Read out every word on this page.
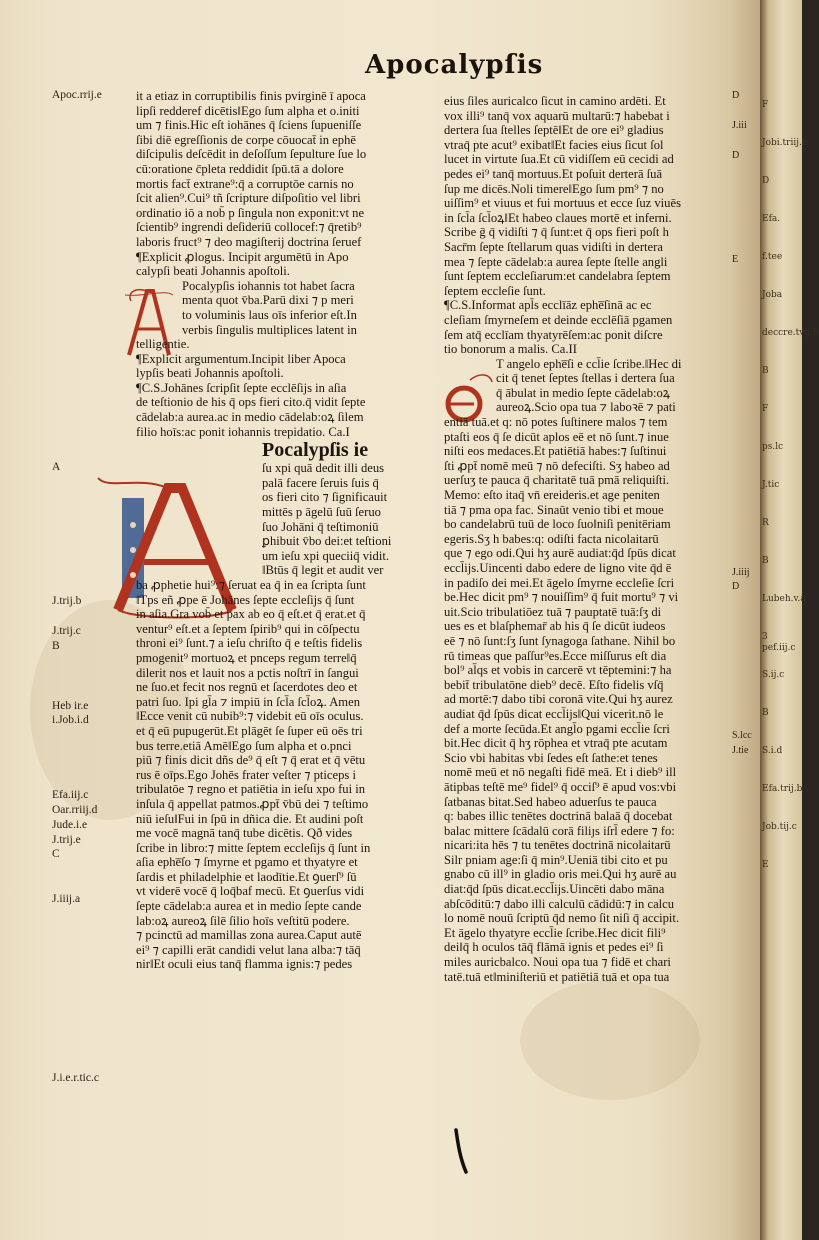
Apocalypſis
Apoc.rrij.e
A
J.trij.b
J.trij.c
B
Heb ir.e
i.Job.i.d
Efa.iij.c
Oar.rriij.d
Jude.i.e
J.trij.e
C
J.iiij.a
J.i.e.r.tic.c
D
J.iii
D
E
J.iiij
D
S.lcc
J.tie

it a etiaz in corruptibilis finis pvirginē ī apoca

lipſi redderef dicētis‖Ego ſum alpha et o.initi

um ⁊ finis.Hic eſt iohānes q̄ ſciens ſupueniſſe

ſibi diē egreſſionis de corpe cōuocat̄ in ephē

diſcipulis deſcēdit in deſoſſum ſepulture ſue lo

cū:oratione c̄pleta reddidit ſpū.tā a dolore

mortis fact̄ extrane⁹:q̄ a corruptōe carnis no

ſcit alien⁹.Cui⁹ tñ ſcripture diſpoſitio vel libri

ordinatio iō a nob̄ p ſingula non exponit:vt ne

ſcientib⁹ ingrendi deſideriū collocef:⁊ q̄retib⁹

laboris fruct⁹ ⁊ deo magiſterij doctrina ſeruef

¶Explicit ꝓlogus. Incipit argumētū in Apo

calypſi beati Johannis apoſtoli.

Pocalypſis iohannis tot habet ſacra

menta quot v̄ba.Parū dixi ⁊ p meri

to voluminis laus oīs inferior eſt.In

verbis ſingulis multiplices latent in

telligentie.

¶Explicit argumentum.Incipit liber Apoca

lypſis beati Johannis apoſtoli.

¶C.S.Johānes ſcripſit ſepte ecclēſijs in aſia

de teſtionio de his q̄ ops fieri cito.q̄ vidit ſepte

cādelab:a aurea.ac in medio cādelab:oꝝ ſilem

filio hoīs:ac ponit iohannis trepidatio. Ca.I

Pocalypſis ie

ſu xpi quā dedit illi deus

palā facere ſeruis ſuis q̄

os fieri cito ⁊ ſignificauit

mittēs p āgelū ſuū ſeruo

ſuo Johāni q̄ teſtimoniū

ꝑhibuit v̄bo dei:et teſtioni

um ieſu xpi queciiq̄ vidit.

‖Btūs q̄ legit et audit ver

ba ꝓphetie hui⁹:⁊ ſeruat ea q̄ in ea ſcripta ſunt

‖Tps eñ ꝓpe ē Johānes ſepte eccleſijs q̄ ſunt

in aſia.Gra vob̄ et pax ab eo q̄ eſt.et q̄ erat.et q̄

ventur⁹ eſt.et a ſeptem ſpirib⁹ qui in cōſpectu

throni ei⁹ ſunt.⁊ a ieſu chriſto q̄ e teſtis fidelis

pmogenit⁹ mortuoꝝ et pnceps regum terre‖q̄

dilerit nos et lauit nos a pctis noſtrī in ſangui

ne ſuo.et fecit nos regnū et ſacerdotes deo et

patri ſuo. Ipi gl̄a ⁊ impiū in ſcl̄a ſcl̄oꝝ. Amen

‖Ecce venit cū nubib⁹:⁊ videbit eū oīs oculus.

et q̄ eū pupugerūt.Et plāgēt ſe ſuper eū oēs tri

bus terre.etiā Amē‖Ego ſum alpha et o.pnci

piū ⁊ finis dicit dñs de⁹ q̄ eſt ⁊ q̄ erat et q̄ vētu

rus ē oīps.Ego Johēs frater veſter ⁊ pticeps i

tribulatōe ⁊ regno et patiētia in ieſu xpo fui in

inſula q̄ appellat patmos.ꝓpt̄ v̄bū dei ⁊ teſtimo

niū ieſu‖Fui in ſpū in dñica die. Et audini poſt

me vocē magnā tanq̄ tube dicētis. Qð vides

ſcribe in libro:⁊ mitte ſeptem eccleſijs q̄ ſunt in

aſia ephe̅ſo ⁊ ſmyrne et pgamo et thyatyre et

ſardis et philadelphie et laodītie.Et ꝯuerſ⁹ ſū

vt viderē vocē q̄ loq̄baf mecū. Et ꝯuerſus vidi

ſepte cādelab:a aurea et in medio ſepte cande

lab:oꝝ aureoꝝ ſilē ſilio hoīs veſtitū podere.

⁊ pcinctū ad mamillas zona aurea.Caput autē

ei⁹ ⁊ capilli erāt candidi velut lana alba:⁊ tāq̄

nir‖Et oculi eius tanq̄ flamma ignis:⁊ pedes

eius ſiles auricalco ſicut in camino ardēti. Et

vox illi⁹ tanq̄ vox aquarū multarū:⁊ habebat i

dertera ſua ſtelles ſeptē‖Et de ore ei⁹ gladius

vtraq̄ pte acut⁹ exibat‖Et facies eius ſicut ſol

lucet in virtute ſua.Et cū vidiſſem eū cecidi ad

pedes ei⁹ tanq̄ mortuus.Et poſuit derterā ſuā

ſup me dicēs.Noli timere‖Ego ſum pm⁹ ⁊ no

uiſſim⁹ et viuus et fui mortuus et ecce ſuz viuēs

in ſcl̄a ſcl̄oꝝ‖Et habeo claues mortē et inferni.

Scribe ḡ q̄ vidiſti ⁊ q̄ ſunt:et q̄ ops fieri poſt h

Sacr̄m ſepte ſtellarum quas vidiſti in dertera

mea ⁊ ſepte cādelab:a aurea ſepte ſtelle angli

ſunt ſeptem eccleſiarum:et candelabra ſeptem

ſeptem eccleſie ſunt.

¶C.S.Informat apl̄s ecclīāz ephe̅ſinā ac ec

cleſiam ſmyrneſem et deinde ecclēſiā pgamen

ſem atq̄ ecclīam thyatyrēſem:ac ponit diſcre

tio bonorum a malis. Ca.II

T angelo ephe̅ſi e ccl̄ie ſcribe.‖Hec di

cit q̄ tenet ſeptes ſtellas i dertera ſua

q̄ ābulat in medio ſepte cādelab:oꝝ

aureoꝝ.Scio opa tua ⁊ laboꝛē ⁊ pati

entiā tuā.et q: nō potes ſuſtinere malos ⁊ tem

ptaſti eos q̄ ſe dicūt aplos eē et nō ſunt.⁊ inue

niſti eos medaces.Et patiētiā habes:⁊ ſuſtinui

ſti ꝓpt̄ nomē meū ⁊ nō defeciſti. Sʒ habeo ad

uerſuʒ te pauca q̄ charitatē tuā pmā reliquiſti.

Memo: eſto itaq̄ vn̄ ereideris.et age peniten

tiā ⁊ pma opa fac. Sinaūt venio tibi et moue

bo candelabrū tuū de loco ſuo‖niſi penitēriam

egeris.Sʒ h babes:q: odiſti facta nicolaitarū

que ⁊ ego odi.Qui hʒ aurē audiat:q̄d ſpūs dicat

eccl̄ijs.Uincenti dabo edere de ligno vite q̄d ē

in padiſo dei mei.Et āgelo ſmyrne eccleſie ſcri

be.Hec dicit pm⁹ ⁊ nouiſſim⁹ q̄ fuit mortu⁹ ⁊ vi

uit.Scio tribulatiōez tuā ⁊ pauptatē tuā:ſʒ di

ues es et blaſphemar̄ ab his q̄ ſe dicūt iudeos

eē ⁊ nō ſunt:ſʒ ſunt ſynagoga ſathane. Nihil bo

rū timeas que paſſur⁹es.Ecce miſſurus eſt dia

bol⁹ al̄qs et vobis in carcerē vt tēptemini:⁊ ha

bebit̄ tribulatōne dieb⁹ decē. Eſto fidelis vſq̄

ad mortē:⁊ dabo tibi coronā vite.Qui hʒ aurez

audiat q̄d ſpūs dicat eccl̄ijs‖Qui vicerit.nō le

def a morte ſecūda.Et angl̄o pgami eccl̄ie ſcri

bit.Hec dicit q̄ hʒ rōphea et vtraq̄ pte acutam

Scio vbi habitas vbi ſedes eſt ſathe:et tenes

nomē meū et nō negaſti fidē meā. Et i dieb⁹ ill

ātipbas teſtē me⁹ fidel⁹ q̄ occiſ⁹ ē apud vos:vbi

ſatbanas bitat.Sed habeo aduerſus te pauca

q: babes illic tenētes doctrinā balaā q̄ docebat

balac mittere ſcādalū corā filiȷs iſrl̄ edere ⁊ fo:

nicari:ita hēs ⁊ tu tenētes doctrinā nicolaitarū

Silr pniam age:ſi q̄ min⁹.Ueniā tibi cito et pu

gnabo cū ill⁹ in gladio oris mei.Qui hʒ aurē au

diat:q̄d ſpūs dicat.eccl̄ijs.Uincēti dabo māna

abſcōditū:⁊ dabo illi calculū cādidū:⁊ in calcu

lo nomē nouū ſcriptū q̄d nemo ſit niſi q̄ accipit.

Et āgelo thyatyre eccl̄ie ſcribe.Hec dicit fili⁹

dei‖q̄ h oculos tāq̄ flāmā ignis et pedes ei⁹ ſi

miles auricbalco. Noui opa tua ⁊ fidē et chari

tatē.tuā et‖miniſteriū et patiētiā tuā et opa tua

F
Jobi.triij.b
D
Efa.
f.tee
Joba
deccre.tvij.b
B
F
ps.lc
J.tic
R
B
Lubeh.v.a
3 pef.iij.c
S.ij.c
B
S.i.d
Efa.trij.b
Job.tij.c
E
